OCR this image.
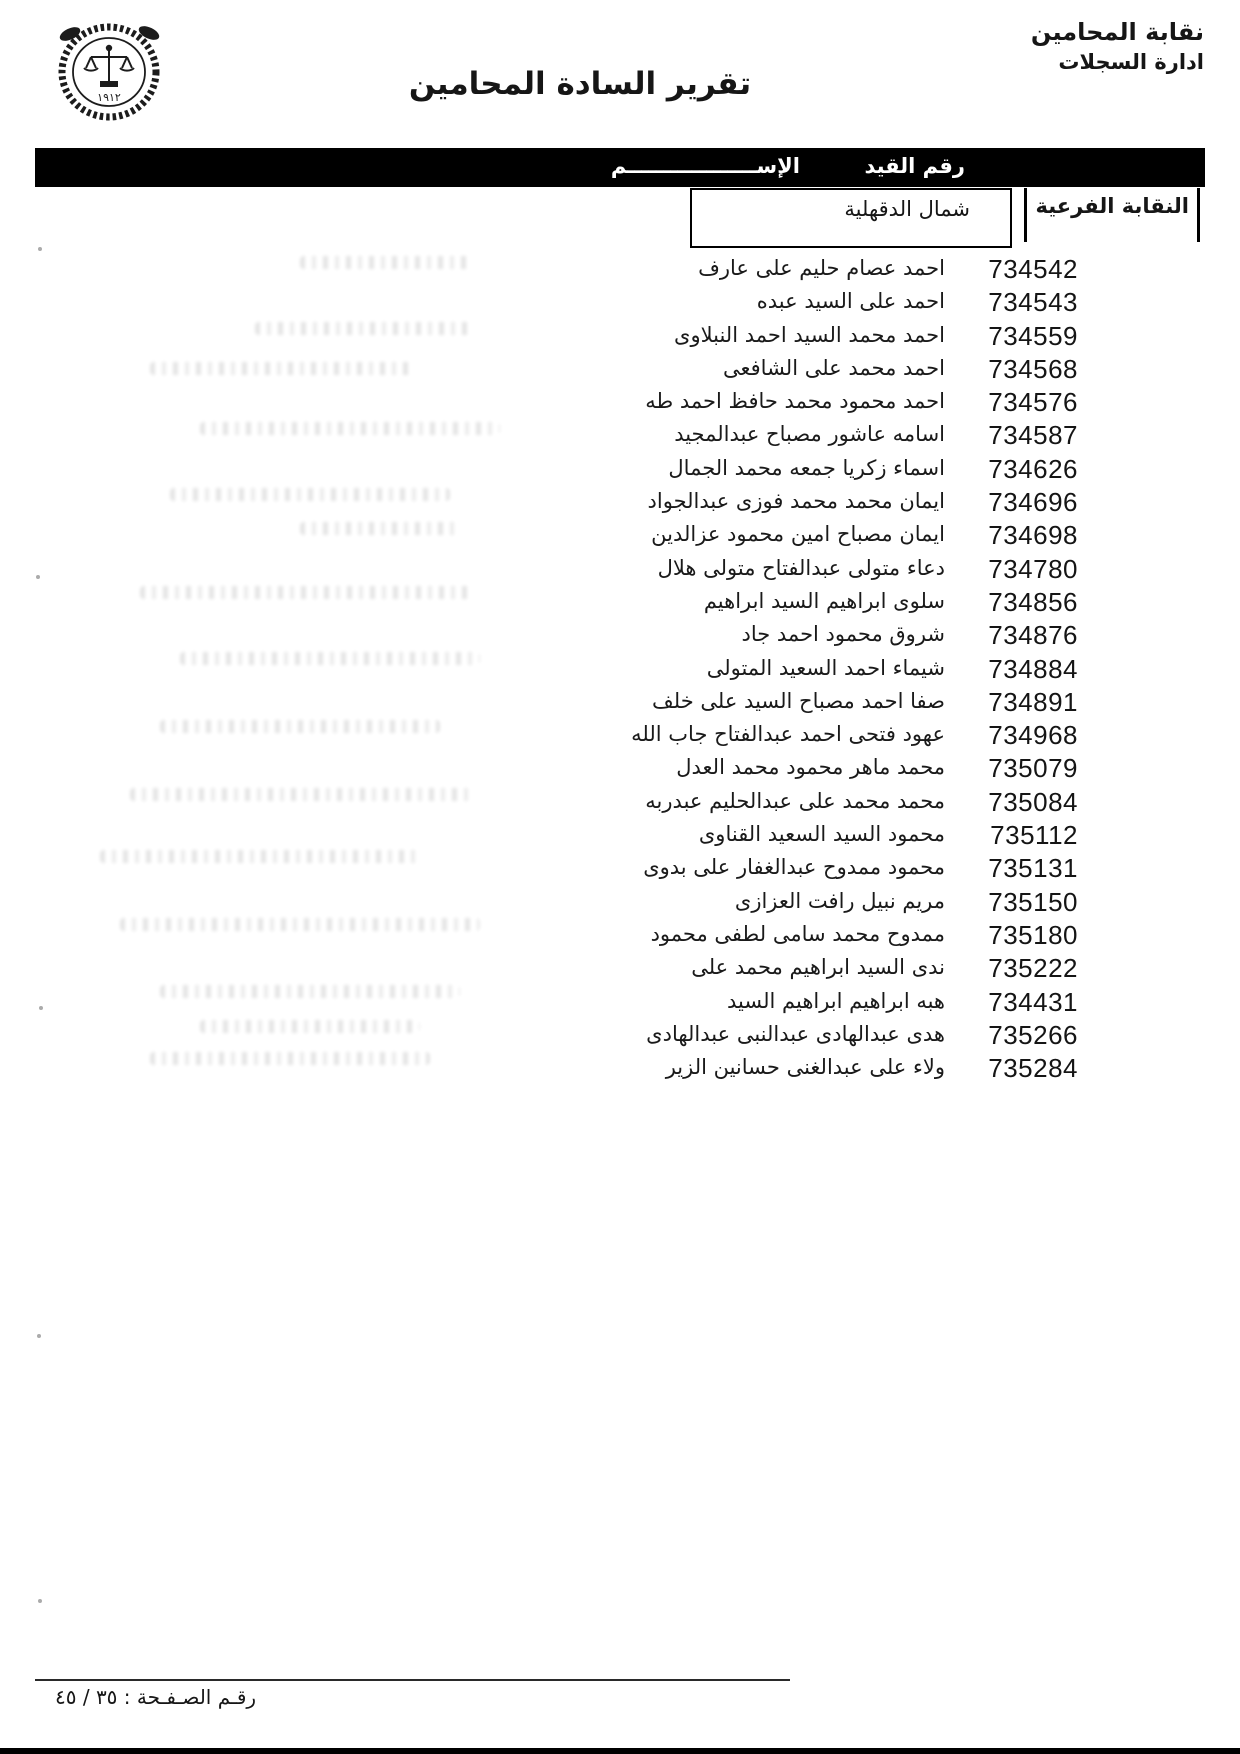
١٩١٢
نقابة المحامين
ادارة السجلات
تقرير السادة المحامين
رقم القيد
الإســــــــــــــــــم
النقابة الفرعية
شمال الدقهلية
احمد عصام حليم على عارف	734542
احمد على السيد عبده	734543
احمد محمد السيد احمد النبلاوى	734559
احمد محمد على الشافعى	734568
احمد محمود محمد حافظ احمد طه	734576
اسامه عاشور مصباح عبدالمجيد	734587
اسماء زكريا جمعه محمد الجمال	734626
ايمان محمد محمد فوزى عبدالجواد	734696
ايمان مصباح امين محمود عزالدين	734698
دعاء متولى عبدالفتاح متولى هلال	734780
سلوى ابراهيم السيد ابراهيم	734856
شروق محمود احمد جاد	734876
شيماء احمد السعيد المتولى	734884
صفا احمد مصباح السيد على خلف	734891
عهود فتحى احمد عبدالفتاح جاب الله	734968
محمد ماهر محمود محمد العدل	735079
محمد محمد على عبدالحليم عبدربه	735084
محمود السيد السعيد القناوى	735112
محمود ممدوح عبدالغفار على بدوى	735131
مريم نبيل رافت العزازى	735150
ممدوح محمد سامى لطفى محمود	735180
ندى السيد ابراهيم محمد على	735222
هبه ابراهيم ابراهيم السيد	734431
هدى عبدالهادى عبدالنبى عبدالهادى	735266
ولاء على عبدالغنى حسانين الزير	735284
رقـم الصـفـحة : ٣٥ / ٤٥
